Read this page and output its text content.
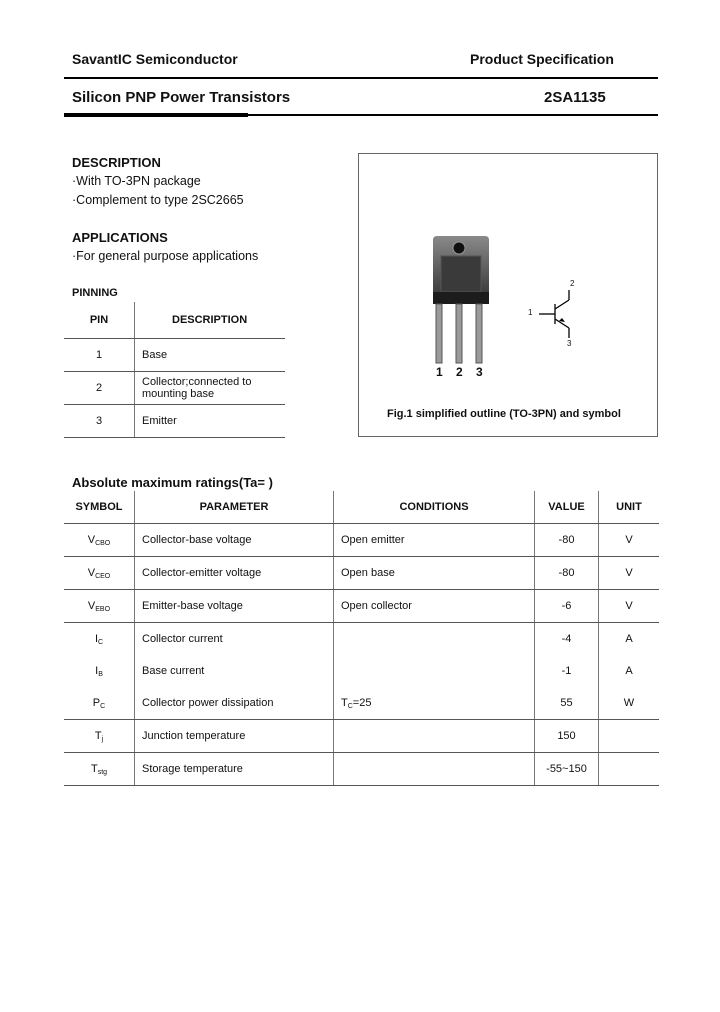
SavantIC Semiconductor	Product Specification
Silicon PNP Power Transistors	2SA1135
DESCRIPTION
·With TO-3PN package
·Complement to type 2SC2665
APPLICATIONS
·For general purpose applications
PINNING
PIN	DESCRIPTION
1	Base
2	Collector;connected to mounting base
3	Emitter
1 2 3
1
2
3
Fig.1 simplified outline (TO-3PN) and symbol
Absolute maximum ratings(Ta= )
SYMBOL	PARAMETER	CONDITIONS	VALUE	UNIT
$V_{CBO}$	Collector-base voltage	Open emitter	-80	V
$V_{CEO}$	Collector-emitter voltage	Open base	-80	V
$V_{EBO}$	Emitter-base voltage	Open collector	-6	V
$I_C$	Collector current		-4	A
$I_B$	Base current		-1	A
$P_C$	Collector power dissipation	$T_C=25$	55	W
$T_j$	Junction temperature		150	
$T_{stg}$	Storage temperature		-55~150	
